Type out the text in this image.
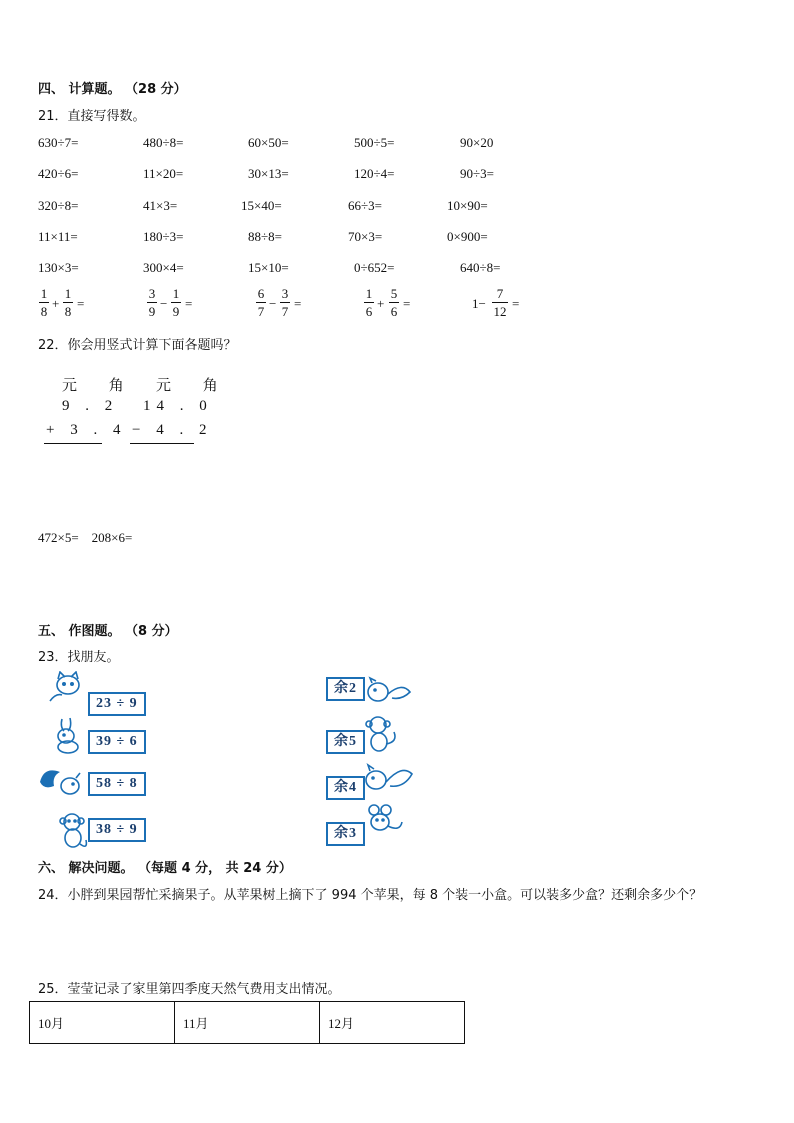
四、 计算题。 （28 分）
21．直接写得数。
630÷7=	480÷8=	60×50=	500÷5=	90×20
420÷6=	11×20=	30×13=	120÷4=	90÷3=
320÷8=	41×3=	15×40=	66÷3=	10×90=
11×11=	180÷3=	88÷8=	70×3=	0×900=
130×3=	300×4=	15×10=	0÷652=	640÷8=
1
8
+
1
8
=
3
9
−
1
9
=
6
7
−
3
7
=
1
6
+
5
6
=	1−
7
12
=
22．你会用竖式计算下面各题吗？
元 角
9 . 2
+ 3 . 4
元 角
14 . 0
− 4 . 2
472×5=    208×6=
五、 作图题。 （8 分）
23．找朋友。
23 ÷ 9
39 ÷ 6
58 ÷ 8
38 ÷ 9
余2
余5
余4
余3
六、 解决问题。 （每题 4 分， 共 24 分）
24．小胖到果园帮忙采摘果子。从苹果树上摘下了 994 个苹果，每 8 个装一小盒。可以装多少盒？还剩余多少个？
25．莹莹记录了家里第四季度天然气费用支出情况。
10月	11月	12月
